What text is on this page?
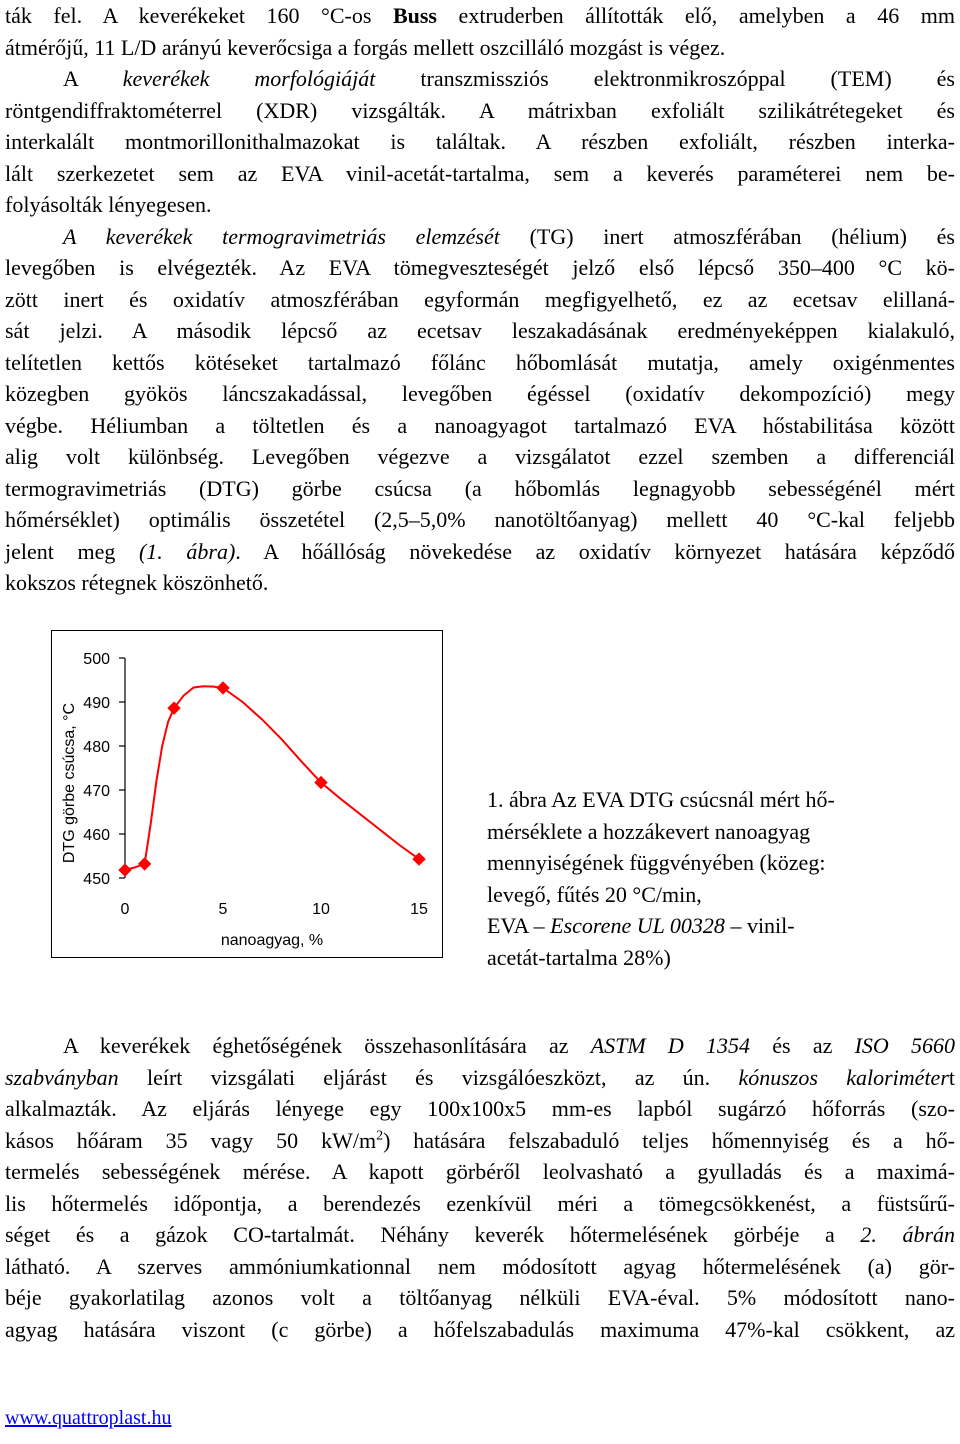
ták fel. A keverékeket 160 °C-os Buss extruderben állították elő, amelyben a 46 mm
átmérőjű, 11 L/D arányú keverőcsiga a forgás mellett oszcilláló mozgást is végez.
A keverékek morfológiáját transzmissziós elektronmikroszóppal (TEM) és
röntgendiffraktométerrel (XDR) vizsgálták. A mátrixban exfoliált szilikátrétegeket és
interkalált montmorillonithalmazokat is találtak. A részben exfoliált, részben interka-
lált szerkezetet sem az EVA vinil-acetát-tartalma, sem a keverés paraméterei nem be-
folyásolták lényegesen.
A keverékek termogravimetriás elemzését (TG) inert atmoszférában (hélium) és
levegőben is elvégezték. Az EVA tömegveszteségét jelző első lépcső 350–400 °C kö-
zött inert és oxidatív atmoszférában egyformán megfigyelhető, ez az ecetsav elillaná-
sát jelzi. A második lépcső az ecetsav leszakadásának eredményeképpen kialakuló,
telítetlen kettős kötéseket tartalmazó főlánc hőbomlását mutatja, amely oxigénmentes
közegben gyökös láncszakadással, levegőben égéssel (oxidatív dekompozíció) megy
végbe. Héliumban a töltetlen és a nanoagyagot tartalmazó EVA hőstabilitása között
alig volt különbség. Levegőben végezve a vizsgálatot ezzel szemben a differenciál
termogravimetriás (DTG) görbe csúcsa (a hőbomlás legnagyobb sebességénél mért
hőmérséklet) optimális összetétel (2,5–5,0% nanotöltőanyag) mellett 40 °C-kal feljebb
jelent meg (1. ábra). A hőállóság növekedése az oxidatív környezet hatására képződő
kokszos rétegnek köszönhető.
500
490
480
470
460
450
0	5	10	15
nanoagyag, %
DTG görbe csúcsa, °C	1. ábra Az EVA DTG csúcsnál mért hő-
mérséklete a hozzákevert nanoagyag
mennyiségének függvényében (közeg:
levegő, fűtés 20 °C/min,
EVA – Escorene UL 00328 – vinil-
acetát-tartalma 28%)
A keverékek éghetőségének összehasonlítására az ASTM D 1354 és az ISO 5660
szabványban leírt vizsgálati eljárást és vizsgálóeszközt, az ún. kónuszos kalorimétert
alkalmazták. Az eljárás lényege egy 100x100x5 mm-es lapból sugárzó hőforrás (szo-
kásos hőáram 35 vagy 50 $kW/m^2$) hatására felszabaduló teljes hőmennyiség és a hő-
termelés sebességének mérése. A kapott görbéről leolvasható a gyulladás és a maximá-
lis hőtermelés időpontja, a berendezés ezenkívül méri a tömegcsökkenést, a füstsűrű-
séget és a gázok CO-tartalmát. Néhány keverék hőtermelésének görbéje a 2. ábrán
látható. A szerves ammóniumkationnal nem módosított agyag hőtermelésének (a) gör-
béje gyakorlatilag azonos volt a töltőanyag nélküli EVA-éval. 5% módosított nano-
agyag hatására viszont (c görbe) a hőfelszabadulás maximuma 47%-kal csökkent, az
www.quattroplast.hu
